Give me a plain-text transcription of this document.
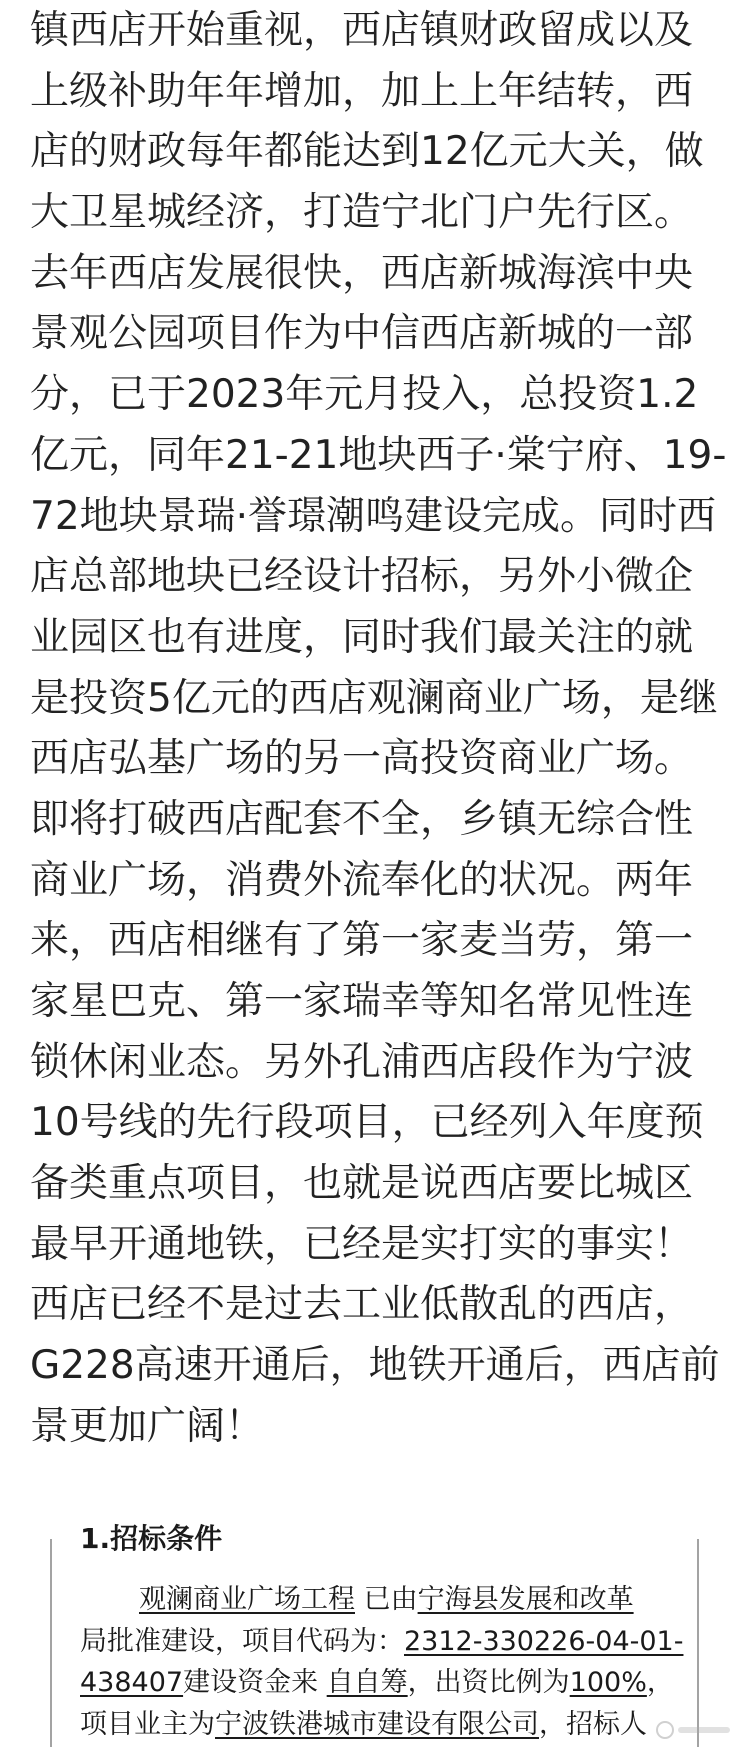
镇西店开始重视，西店镇财政留成以及
上级补助年年增加，加上上年结转，西
店的财政每年都能达到12亿元大关，做
大卫星城经济，打造宁北门户先行区。
去年西店发展很快，西店新城海滨中央
景观公园项目作为中信西店新城的一部
分，已于2023年元月投入，总投资1.2
亿元，同年21-21地块西子·棠宁府、19-
72地块景瑞·誉璟潮鸣建设完成。同时西
店总部地块已经设计招标，另外小微企
业园区也有进度，同时我们最关注的就
是投资5亿元的西店观澜商业广场，是继
西店弘基广场的另一高投资商业广场。
即将打破西店配套不全，乡镇无综合性
商业广场，消费外流奉化的状况。两年
来，西店相继有了第一家麦当劳，第一
家星巴克、第一家瑞幸等知名常见性连
锁休闲业态。另外孔浦西店段作为宁波
10号线的先行段项目，已经列入年度预
备类重点项目，也就是说西店要比城区
最早开通地铁，已经是实打实的事实！
西店已经不是过去工业低散乱的西店，
G228高速开通后，地铁开通后，西店前
景更加广阔！
1.招标条件
观澜商业广场工程 已由宁海县发展和改革
局批准建设，项目代码为：2312-330226-04-01-
438407建设资金来 自自筹，出资比例为100%，
项目业主为宁波铁港城市建设有限公司，招标人
